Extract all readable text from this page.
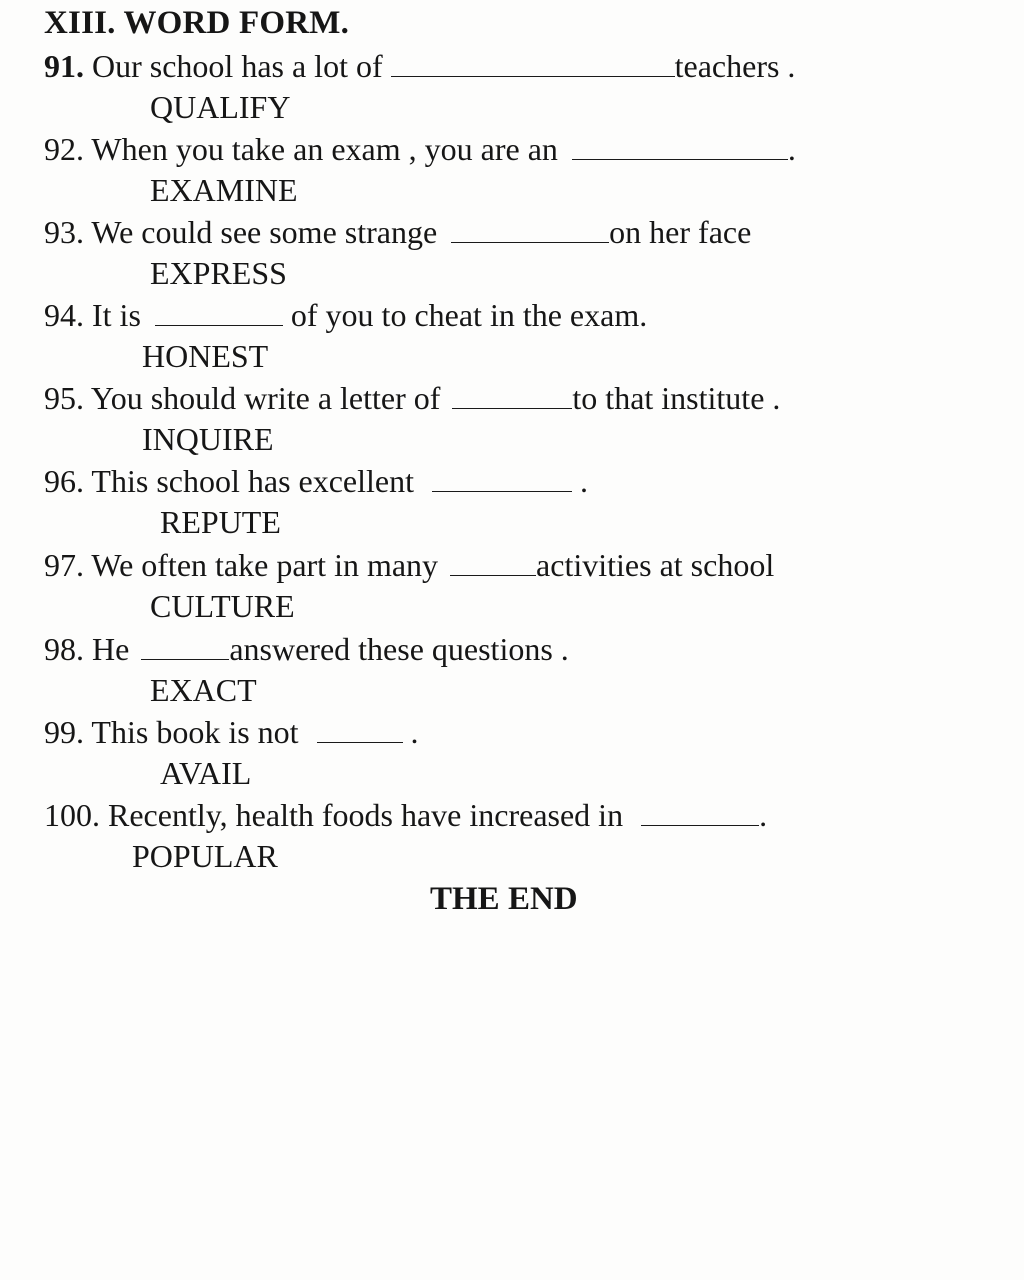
XIII. WORD FORM.
91. Our school has a lot of	teachers .
QUALIFY
92. When you take an exam , you are an	.
EXAMINE
93. We could see some strange	on her face
EXPRESS
94. It is	of you to cheat in the exam.
HONEST
95. You should write a letter of	to that institute .
INQUIRE
96. This school has excellent	.
REPUTE
97. We often take part in many	activities at school
CULTURE
98. He	answered these questions .
EXACT
99. This book is not	.
AVAIL
100. Recently, health foods have increased in	.
POPULAR
THE END
